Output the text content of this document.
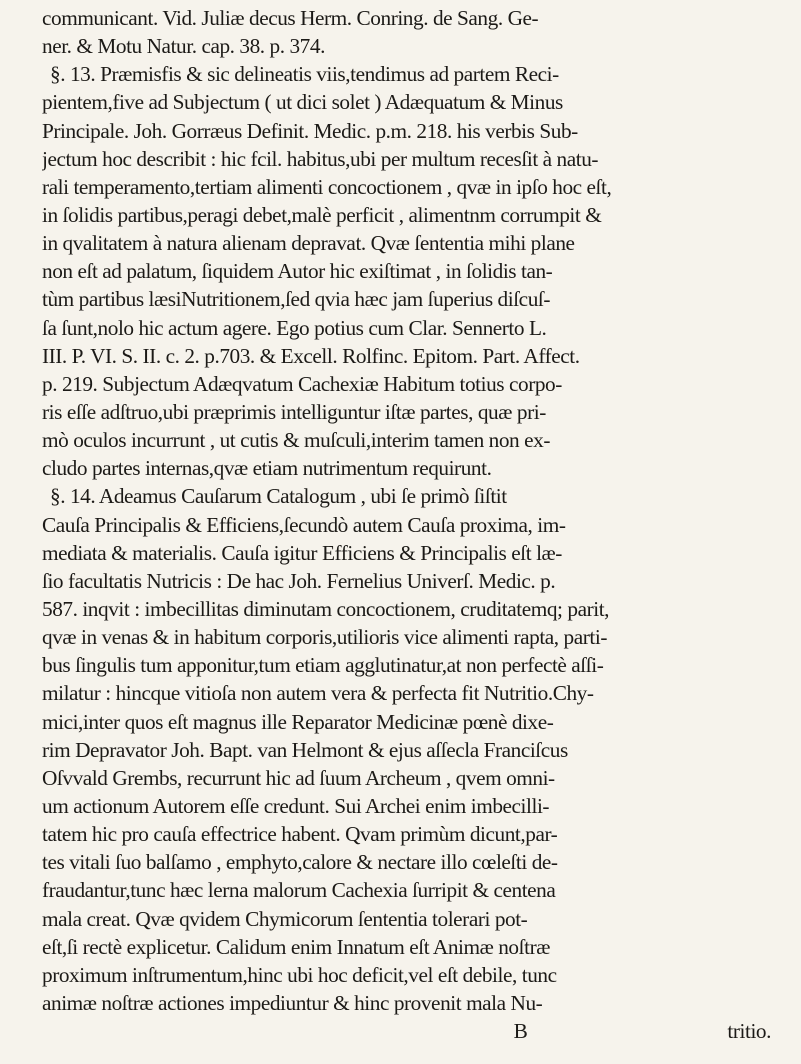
communicant. Vid. Juliæ decus Herm. Conring. de Sang. Ge-
ner. & Motu Natur. cap. 38. p. 374.
§. 13. Præmisfis & sic delineatis viis,tendimus ad partem Reci-
pientem,five ad Subjectum ( ut dici solet ) Adæquatum & Minus
Principale. Joh. Gorræus Definit. Medic. p.m. 218. his verbis Sub-
jectum hoc describit : hic fcil. habitus,ubi per multum recesſit à natu-
rali temperamento,tertiam alimenti concoctionem , qvæ in ipſo hoc eſt,
in ſolidis partibus,peragi debet,malè perficit , alimentnm corrumpit &
in qvalitatem à natura alienam depravat. Qvæ ſententia mihi plane
non eſt ad palatum, ſiquidem Autor hic exiſtimat , in ſolidis tan-
tùm partibus læsiNutritionem,ſed qvia hæc jam ſuperius diſcuſ-
ſa ſunt,nolo hic actum agere. Ego potius cum Clar. Sennerto L.
III. P. VI. S. II. c. 2. p.703. & Excell. Rolfinc. Epitom. Part. Affect.
p. 219. Subjectum Adæqvatum Cachexiæ Habitum totius corpo-
ris eſſe adſtruo,ubi præprimis intelliguntur iſtæ partes, quæ pri-
mò oculos incurrunt , ut cutis & muſculi,interim tamen non ex-
cludo partes internas,qvæ etiam nutrimentum requirunt.
§. 14. Adeamus Cauſarum Catalogum , ubi ſe primò ſiſtit
Cauſa Principalis & Efficiens,ſecundò autem Cauſa proxima, im-
mediata & materialis. Cauſa igitur Efficiens & Principalis eſt læ-
ſio facultatis Nutricis : De hac Joh. Fernelius Univerſ. Medic. p.
587. inqvit : imbecillitas diminutam concoctionem, cruditatemq; parit,
qvæ in venas & in habitum corporis,utilioris vice alimenti rapta, parti-
bus ſingulis tum apponitur,tum etiam agglutinatur,at non perfectè aſſi-
milatur : hincque vitioſa non autem vera & perfecta fit Nutritio.Chy-
mici,inter quos eſt magnus ille Reparator Medicinæ pœnè dixe-
rim Depravator Joh. Bapt. van Helmont & ejus aſſecla Franciſcus
Oſvvald Grembs, recurrunt hic ad ſuum Archeum , qvem omni-
um actionum Autorem eſſe credunt. Sui Archei enim imbecilli-
tatem hic pro cauſa effectrice habent. Qvam primùm dicunt,par-
tes vitali ſuo balſamo , emphyto,calore & nectare illo cœleſti de-
fraudantur,tunc hæc lerna malorum Cachexia ſurripit & centena
mala creat. Qvæ qvidem Chymicorum ſententia tolerari pot-
eſt,ſi rectè explicetur. Calidum enim Innatum eſt Animæ noſtræ
proximum inſtrumentum,hinc ubi hoc deficit,vel eſt debile, tunc
animæ noſtræ actiones impediuntur & hinc provenit mala Nu-
B	tritio.
